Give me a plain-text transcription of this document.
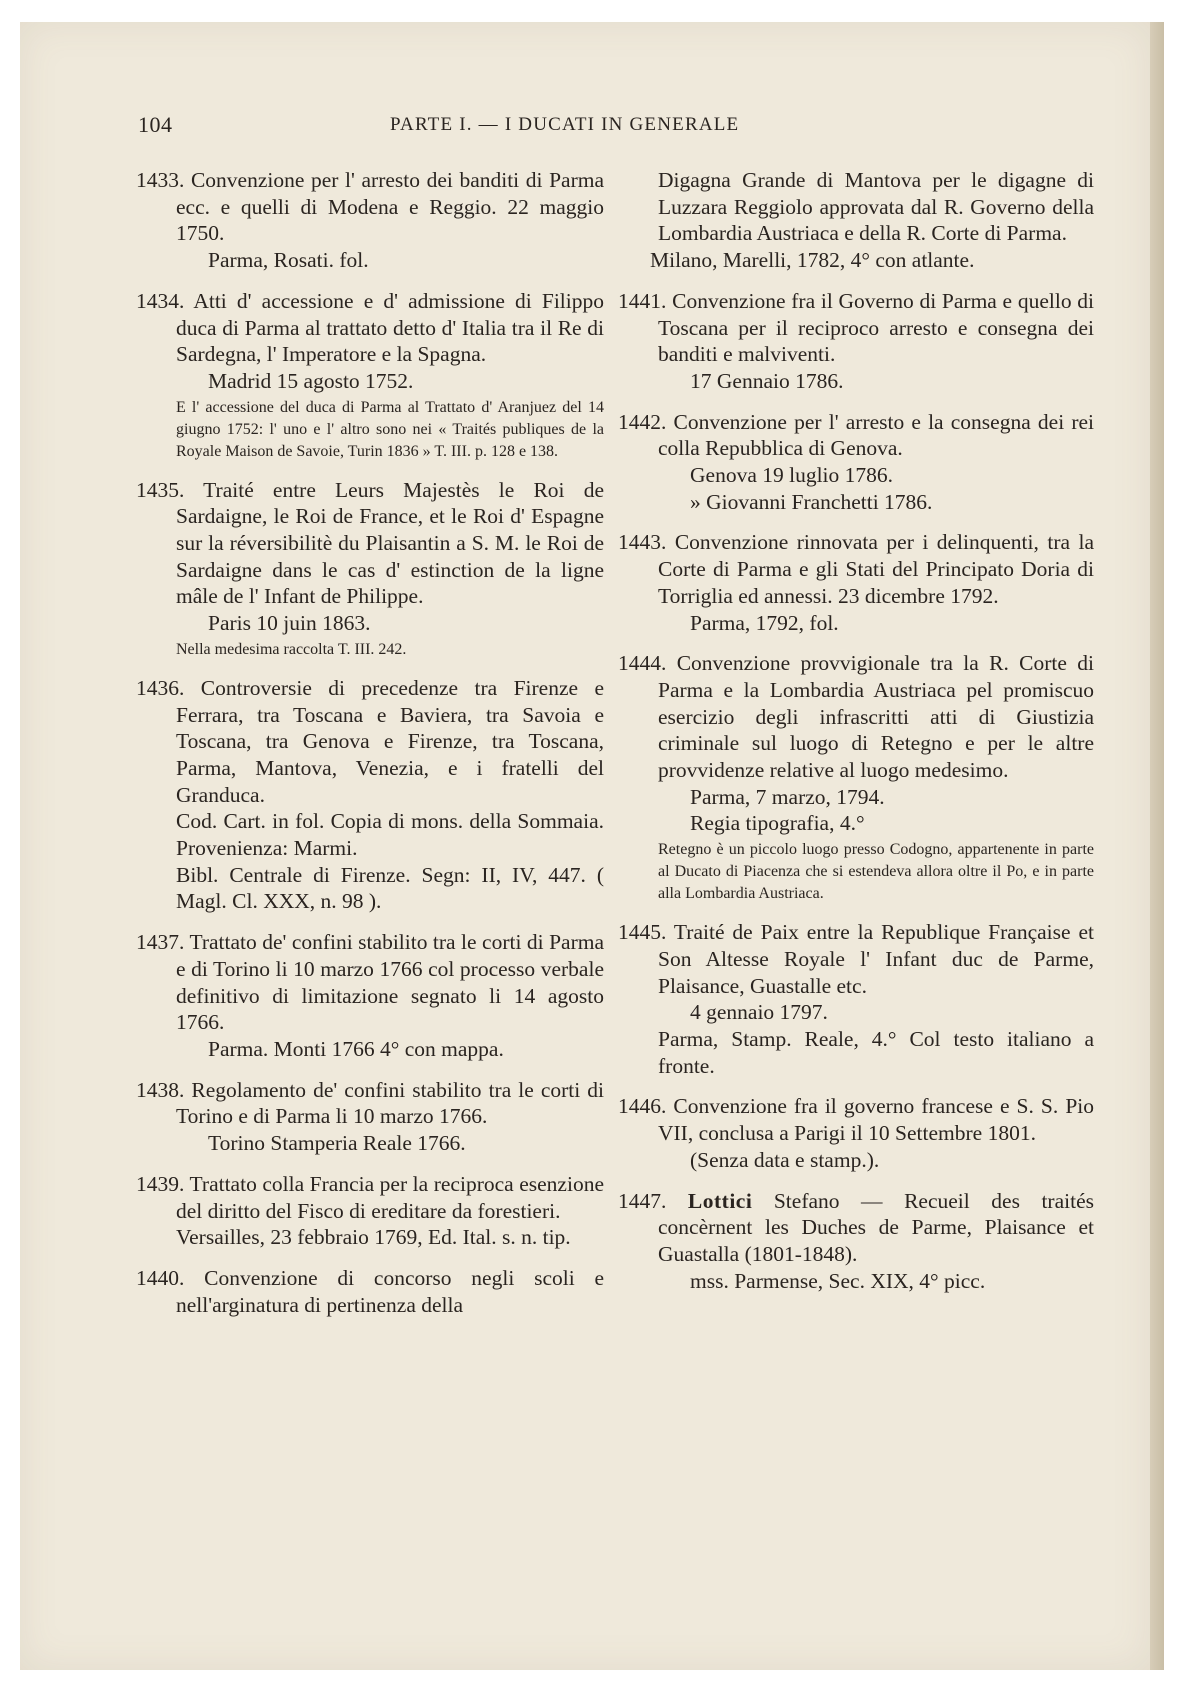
104	PARTE I. — I DUCATI IN GENERALE
1433. Convenzione per l' arresto dei banditi di Parma ecc. e quelli di Modena e Reggio. 22 maggio 1750.
Parma, Rosati. fol.
1434. Atti d' accessione e d' admissione di Filippo duca di Parma al trattato detto d' Italia tra il Re di Sardegna, l' Imperatore e la Spagna.
Madrid 15 agosto 1752.
E l' accessione del duca di Parma al Trattato d' Aranjuez del 14 giugno 1752: l' uno e l' altro sono nei « Traités publiques de la Royale Maison de Savoie, Turin 1836 » T. III. p. 128 e 138.
1435. Traité entre Leurs Majestès le Roi de Sardaigne, le Roi de France, et le Roi d' Espagne sur la réversibilitè du Plaisantin a S. M. le Roi de Sardaigne dans le cas d' estinction de la ligne mâle de l' Infant de Philippe.
Paris 10 juin 1863.
Nella medesima raccolta T. III. 242.
1436. Controversie di precedenze tra Firenze e Ferrara, tra Toscana e Baviera, tra Savoia e Toscana, tra Genova e Firenze, tra Toscana, Parma, Mantova, Venezia, e i fratelli del Granduca.
Cod. Cart. in fol. Copia di mons. della Sommaia. Provenienza: Marmi.
Bibl. Centrale di Firenze. Segn: II, IV, 447. ( Magl. Cl. XXX, n. 98 ).
1437. Trattato de' confini stabilito tra le corti di Parma e di Torino li 10 marzo 1766 col processo verbale definitivo di limitazione segnato li 14 agosto 1766.
Parma. Monti 1766 4° con mappa.
1438. Regolamento de' confini stabilito tra le corti di Torino e di Parma li 10 marzo 1766.
Torino Stamperia Reale 1766.
1439. Trattato colla Francia per la reciproca esenzione del diritto del Fisco di ereditare da forestieri.
Versailles, 23 febbraio 1769, Ed. Ital. s. n. tip.
1440. Convenzione di concorso negli scoli e nell'arginatura di pertinenza della
Digagna Grande di Mantova per le digagne di Luzzara Reggiolo approvata dal R. Governo della Lombardia Austriaca e della R. Corte di Parma.
Milano, Marelli, 1782, 4° con atlante.
1441. Convenzione fra il Governo di Parma e quello di Toscana per il reciproco arresto e consegna dei banditi e malviventi.
17 Gennaio 1786.
1442. Convenzione per l' arresto e la consegna dei rei colla Repubblica di Genova.
Genova 19 luglio 1786.
» Giovanni Franchetti 1786.
1443. Convenzione rinnovata per i delinquenti, tra la Corte di Parma e gli Stati del Principato Doria di Torriglia ed annessi. 23 dicembre 1792.
Parma, 1792, fol.
1444. Convenzione provvigionale tra la R. Corte di Parma e la Lombardia Austriaca pel promiscuo esercizio degli infrascritti atti di Giustizia criminale sul luogo di Retegno e per le altre provvidenze relative al luogo medesimo.
Parma, 7 marzo, 1794.
Regia tipografia, 4.°
Retegno è un piccolo luogo presso Codogno, appartenente in parte al Ducato di Piacenza che si estendeva allora oltre il Po, e in parte alla Lombardia Austriaca.
1445. Traité de Paix entre la Republique Française et Son Altesse Royale l' Infant duc de Parme, Plaisance, Guastalle etc.
4 gennaio 1797.
Parma, Stamp. Reale, 4.° Col testo italiano a fronte.
1446. Convenzione fra il governo francese e S. S. Pio VII, conclusa a Parigi il 10 Settembre 1801.
(Senza data e stamp.).
1447. Lottici Stefano — Recueil des traités concèrnent les Duches de Parme, Plaisance et Guastalla (1801-1848).
mss. Parmense, Sec. XIX, 4° picc.
